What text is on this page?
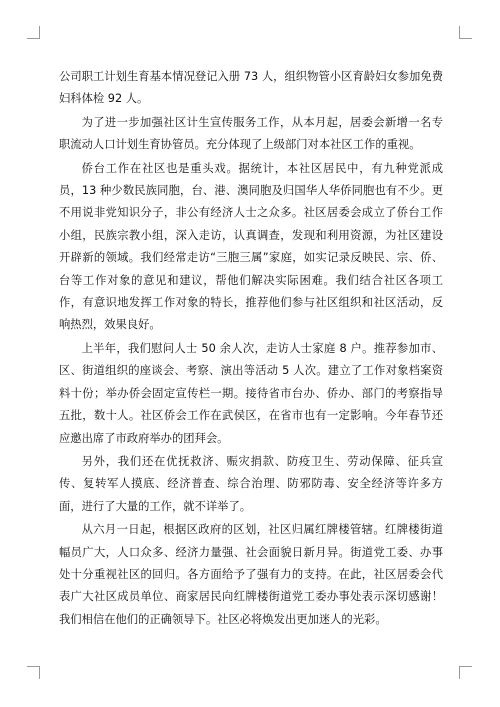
公司职工计划生育基本情况登记入册 73 人，组织物管小区育龄妇女参加免费妇科体检 92 人。

为了进一步加强社区计生宣传服务工作，从本月起，居委会新增一名专职流动人口计划生育协管员。充分体现了上级部门对本社区工作的重视。

侨台工作在社区也是重头戏。据统计，本社区居民中，有九种党派成员，13 种少数民族同胞，台、港、澳同胞及归国华人华侨同胞也有不少。更不用说非党知识分子，非公有经济人士之众多。社区居委会成立了侨台工作小组，民族宗教小组，深入走访，认真调查，发现和利用资源，为社区建设开辟新的领域。我们经常走访“三胞三属”家庭，如实记录反映民、宗、侨、台等工作对象的意见和建议，帮他们解决实际困难。我们结合社区各项工作，有意识地发挥工作对象的特长，推荐他们参与社区组织和社区活动，反响热烈，效果良好。

上半年，我们慰问人士 50 余人次，走访人士家庭 8 户。推荐参加市、区、街道组织的座谈会、考察、演出等活动 5 人次。建立了工作对象档案资料十份；举办侨会固定宣传栏一期。接待省市台办、侨办、部门的考察指导五批，数十人。社区侨会工作在武侯区，在省市也有一定影响。今年春节还应邀出席了市政府举办的团拜会。

另外，我们还在优抚救济、赈灾捐款、防疫卫生、劳动保障、征兵宣传、复转军人摸底、经济普查、综合治理、防邪防毒、安全经济等许多方面，进行了大量的工作，就不详举了。

从六月一日起，根据区政府的区划，社区归属红牌楼管辖。红牌楼街道幅员广大，人口众多、经济力量强、社会面貌日新月异。街道党工委、办事处十分重视社区的回归。各方面给予了强有力的支持。在此，社区居委会代表广大社区成员单位、商家居民向红牌楼街道党工委办事处表示深切感谢！我们相信在他们的正确领导下。社区必将焕发出更加迷人的光彩。
